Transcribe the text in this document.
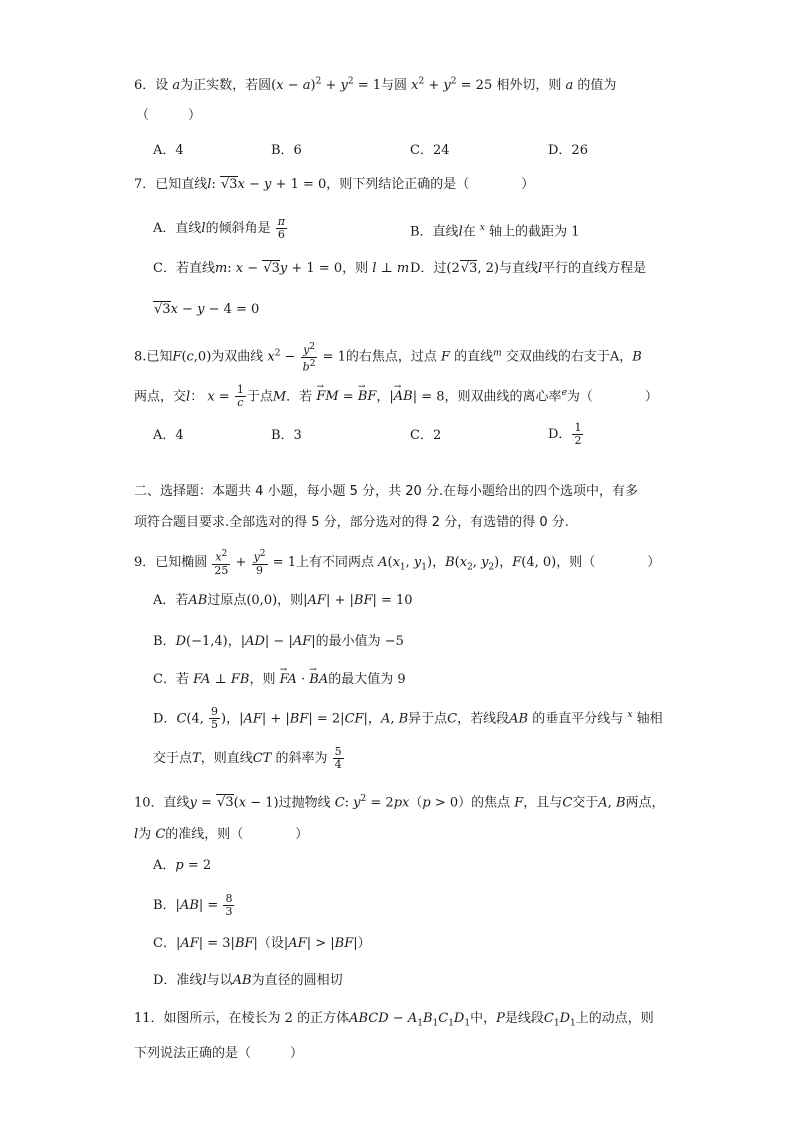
6．设 a为正实数，若圆$(x - a)^2 + y^2 = 1$与圆 $x^2 + y^2 = 25$ 相外切，则 a 的值为
（　　　）
A．4	B．6	C．24	D．26
7．已知直线l: √3x − y + 1 = 0，则下列结论正确的是（　　　　）
A．直线l的倾斜角是 $\frac{\pi}{6}$	B．直线l在 $^x$ 轴上的截距为 1
C．若直线m: x − √3y + 1 = 0，则 l ⊥ m D．过(2√3, 2)与直线l平行的直线方程是
√3x − y − 4 = 0
8.已知F(c,0)为双曲线 $x^2 - \frac{y^2}{b^2} = 1$的右焦点，过点 F 的直线$^m$ 交双曲线的右支于A，B
两点，交l： $x = \frac{1}{c}$ 于点M．若 → FM = → BF，|→ AB| = 8，则双曲线的离心率$^e$为（　　　　）
A．4	B．3	C．2	D． $\frac{1}{2}$
二、选择题：本题共 4 小题，每小题 5 分，共 20 分.在每小题给出的四个选项中，有多
项符合题目要求.全部选对的得 5 分，部分选对的得 2 分，有选错的得 0 分.
9．已知椭圆 $\frac{x^2}{25} + \frac{y^2}{9} = 1$上有不同两点 $A(x_1$, $y_1$)，$B(x_2$, $y_2$)，F(4, 0)，则（　　　　）
A．若AB过原点(0,0)，则|AF| + |BF| = 10
B．D(−1,4)，|AD| − |AF|的最小值为 −5
C．若 FA ⊥ FB，则 → FA · → BA的最大值为 9
D．C(4, $\frac{9}{5}$ )，|AF| + |BF| = 2|CF|，A, B异于点C，若线段AB 的垂直平分线与 $^x$ 轴相
交于点T，则直线CT 的斜率为 $\frac{5}{4}$
10．直线y = √3(x − 1)过抛物线 C: $y^2 = 2px(p > 0)$的焦点 F，且与C交于A, B两点，
l为 C的准线，则（　　　　）
A．p = 2
B．$|AB| = \frac{8}{3}$
C．|AF| = 3|BF|（设|AF| > |BF|）
D．准线l与以AB为直径的圆相切
11．如图所示，在棱长为 2 的正方体ABCD − $A_1B_1C_1D_1$中，P是线段$C_1D_1$上的动点，则
下列说法正确的是（　　　）
